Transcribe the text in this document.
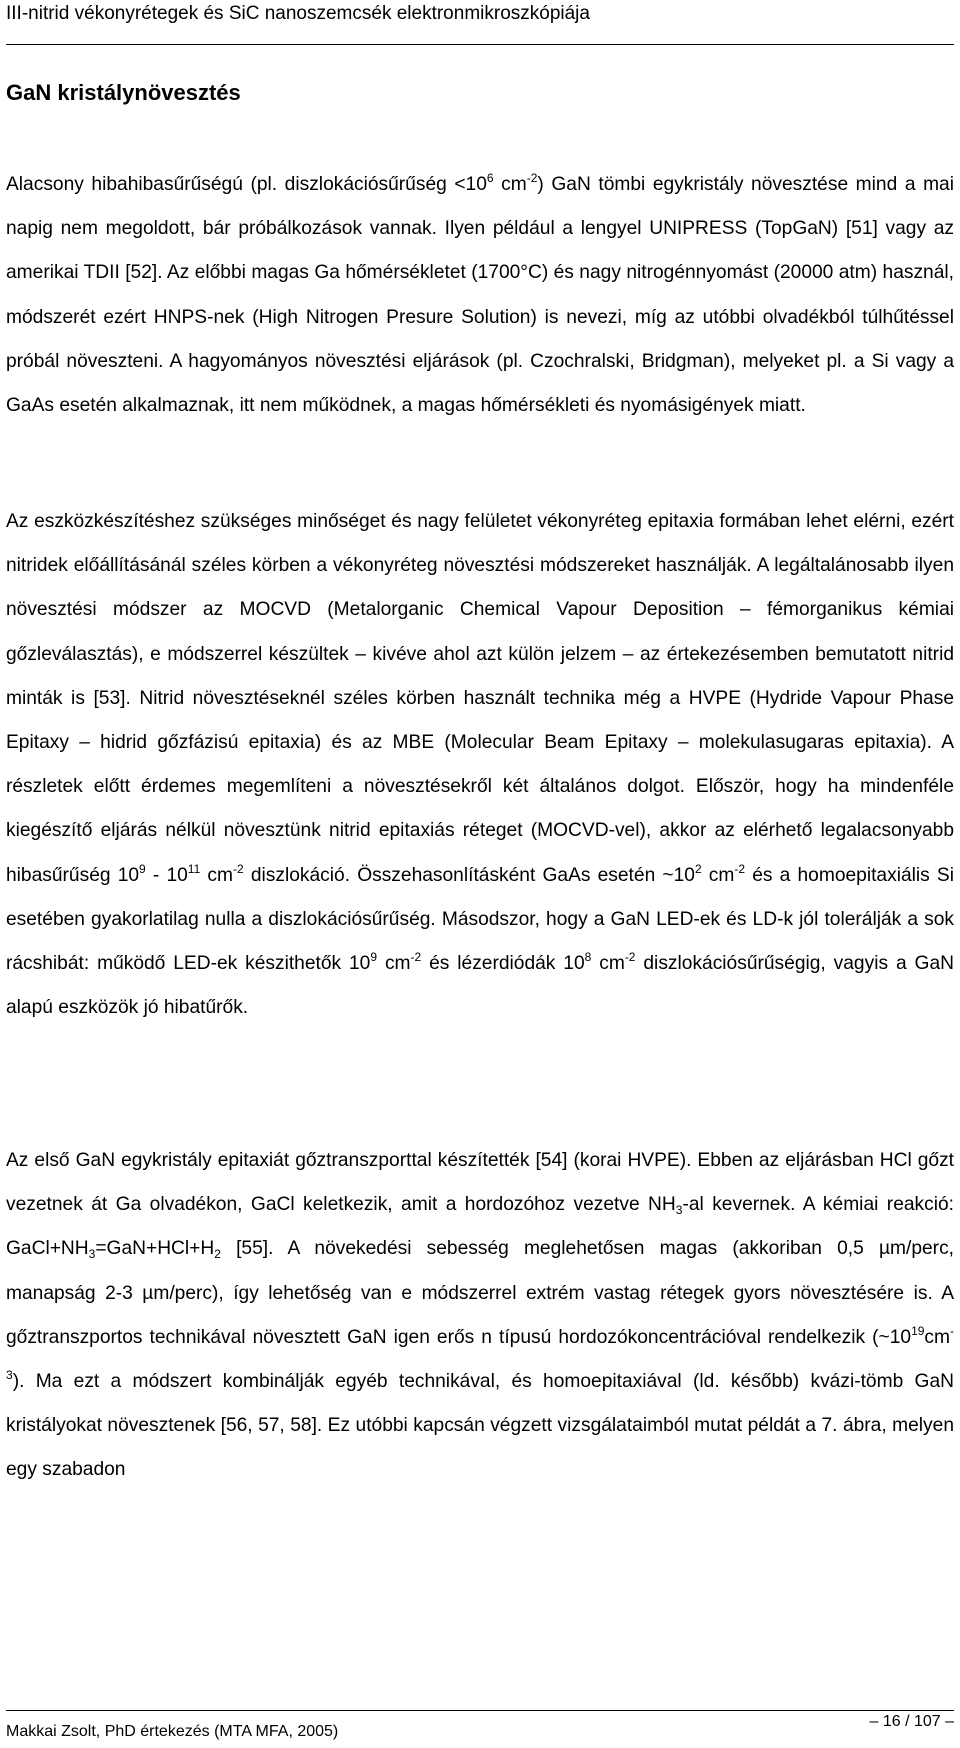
III-nitrid vékonyrétegek és SiC nanoszemcsék elektronmikroszkópiája
GaN kristálynövesztés

Alacsony hibahibasűrűségú (pl. diszlokációsűrűség $<10^6$ $cm^{-2}$) GaN tömbi egykristály növesztése mind a mai napig nem megoldott, bár próbálkozások vannak. Ilyen például a lengyel UNIPRESS (TopGaN) [51] vagy az amerikai TDII [52]. Az előbbi magas Ga hőmérsékletet (1700°C) és nagy nitrogénnyomást (20000 atm) használ, módszerét ezért HNPS-nek (High Nitrogen Presure Solution) is nevezi, míg az utóbbi olvadékból túlhűtéssel próbál növeszteni. A hagyományos növesztési eljárások (pl. Czochralski, Bridgman), melyeket pl. a Si vagy a GaAs esetén alkalmaznak, itt nem működnek, a magas hőmérsékleti és nyomásigények miatt.

Az eszközkészítéshez szükséges minőséget és nagy felületet vékonyréteg epitaxia formában lehet elérni, ezért nitridek előállításánál széles körben a vékonyréteg növesztési módszereket használják. A legáltalánosabb ilyen növesztési módszer az MOCVD (Metalorganic Chemical Vapour Deposition – fémorganikus kémiai gőzleválasztás), e módszerrel készültek – kivéve ahol azt külön jelzem – az értekezésemben bemutatott nitrid minták is [53]. Nitrid növesztéseknél széles körben használt technika még a HVPE (Hydride Vapour Phase Epitaxy – hidrid gőzfázisú epitaxia) és az MBE (Molecular Beam Epitaxy – molekulasugaras epitaxia). A részletek előtt érdemes megemlíteni a növesztésekről két általános dolgot. Először, hogy ha mindenféle kiegészítő eljárás nélkül növesztünk nitrid epitaxiás réteget (MOCVD-vel), akkor az elérhető legalacsonyabb hibasűrűség $10^9 - 10^{11}$ $cm^{-2}$ diszlokáció. Összehasonlításként GaAs esetén $\sim 10^2$ $cm^{-2}$ és a homoepitaxiális Si esetében gyakorlatilag nulla a diszlokációsűrűség. Másodszor, hogy a GaN LED-ek és LD-k jól tolerálják a sok rácshibát: működő LED-ek készithetők $10^9$ $cm^{-2}$ és lézerdiódák $10^8$ $cm^{-2}$ diszlokációsűrűségig, vagyis a GaN alapú eszközök jó hibatűrők.

Az első GaN egykristály epitaxiát gőztranszporttal készítették [54] (korai HVPE). Ebben az eljárásban HCl gőzt vezetnek át Ga olvadékon, GaCl keletkezik, amit a hordozóhoz vezetve $NH_3-al$ kevernek. A kémiai reakció: $GaCl+NH_3=GaN+HCl+H_2$ [55]. A növekedési sebesség meglehetősen magas (akkoriban 0,5 µm/perc, manapság 2-3 µm/perc), így lehetőség van e módszerrel extrém vastag rétegek gyors növesztésére is. A gőztranszportos technikával növesztett GaN igen erős n típusú hordozókoncentrációval rendelkezik $(\sim 10^{19}cm^{-3})$. Ma ezt a módszert kombinálják egyéb technikával, és homoepitaxiával (ld. később) kvázi-tömb GaN kristályokat növesztenek [56, 57, 58]. Ez utóbbi kapcsán végzett vizsgálataimból mutat példát a 7. ábra, melyen egy szabadon

Makkai Zsolt, PhD értekezés (MTA MFA, 2005)
– 16 / 107 –
